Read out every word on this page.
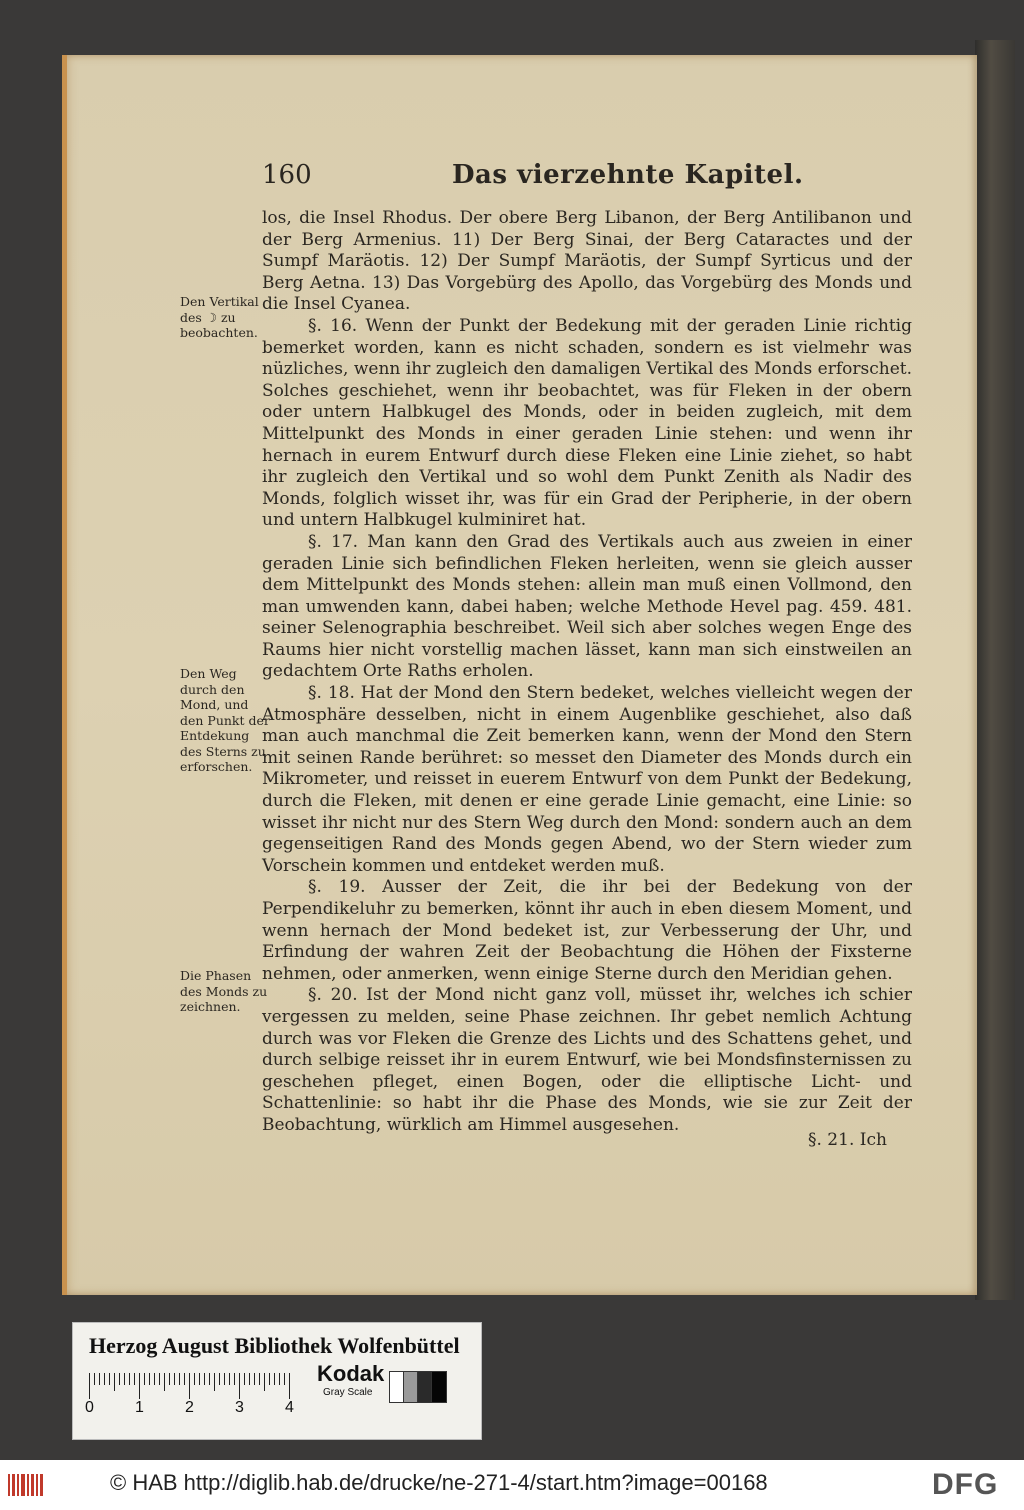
160	Das vierzehnte Kapitel.
Den Vertikal des ☽ zu beobachten.
Den Weg durch den Mond, und den Punkt der Entdekung des Sterns zu erforschen.
Die Phasen des Monds zu zeichnen.

los, die Insel Rhodus. Der obere Berg Libanon, der Berg Antilibanon und der Berg Armenius. 11) Der Berg Sinai, der Berg Cataractes und der Sumpf Maräotis. 12) Der Sumpf Maräotis, der Sumpf Syrticus und der Berg Aetna. 13) Das Vorgebürg des Apollo, das Vorgebürg des Monds und die Insel Cyanea.

§. 16. Wenn der Punkt der Bedekung mit der geraden Linie richtig bemerket worden, kann es nicht schaden, sondern es ist vielmehr was nüzliches, wenn ihr zugleich den damaligen Vertikal des Monds erforschet. Solches geschiehet, wenn ihr beobachtet, was für Fleken in der obern oder untern Halbkugel des Monds, oder in beiden zugleich, mit dem Mittelpunkt des Monds in einer geraden Linie stehen: und wenn ihr hernach in eurem Entwurf durch diese Fleken eine Linie ziehet, so habt ihr zugleich den Vertikal und so wohl dem Punkt Zenith als Nadir des Monds, folglich wisset ihr, was für ein Grad der Peripherie, in der obern und untern Halbkugel kulminiret hat.

§. 17. Man kann den Grad des Vertikals auch aus zweien in einer geraden Linie sich befindlichen Fleken herleiten, wenn sie gleich ausser dem Mittelpunkt des Monds stehen: allein man muß einen Vollmond, den man umwenden kann, dabei haben; welche Methode Hevel pag. 459. 481. seiner Selenographia beschreibet. Weil sich aber solches wegen Enge des Raums hier nicht vorstellig machen lässet, kann man sich einstweilen an gedachtem Orte Raths erholen.

§. 18. Hat der Mond den Stern bedeket, welches vielleicht wegen der Atmosphäre desselben, nicht in einem Augenblike geschiehet, also daß man auch manchmal die Zeit bemerken kann, wenn der Mond den Stern mit seinen Rande berühret: so messet den Diameter des Monds durch ein Mikrometer, und reisset in euerem Entwurf von dem Punkt der Bedekung, durch die Fleken, mit denen er eine gerade Linie gemacht, eine Linie: so wisset ihr nicht nur des Stern Weg durch den Mond: sondern auch an dem gegenseitigen Rand des Monds gegen Abend, wo der Stern wieder zum Vorschein kommen und entdeket werden muß.

§. 19. Ausser der Zeit, die ihr bei der Bedekung von der Perpendikeluhr zu bemerken, könnt ihr auch in eben diesem Moment, und wenn hernach der Mond bedeket ist, zur Verbesserung der Uhr, und Erfindung der wahren Zeit der Beobachtung die Höhen der Fixsterne nehmen, oder anmerken, wenn einige Sterne durch den Meridian gehen.

§. 20. Ist der Mond nicht ganz voll, müsset ihr, welches ich schier vergessen zu melden, seine Phase zeichnen. Ihr gebet nemlich Achtung durch was vor Fleken die Grenze des Lichts und des Schattens gehet, und durch selbige reisset ihr in eurem Entwurf, wie bei Mondsfinsternissen zu geschehen pfleget, einen Bogen, oder die elliptische Licht- und Schattenlinie: so habt ihr die Phase des Monds, wie sie zur Zeit der Beobachtung, würklich am Himmel ausgesehen.

§. 21. Ich
Herzog August Bibliothek Wolfenbüttel
0	1	2	3	4
Kodak
Gray Scale
© HAB http://diglib.hab.de/drucke/ne-271-4/start.htm?image=00168	DFG
